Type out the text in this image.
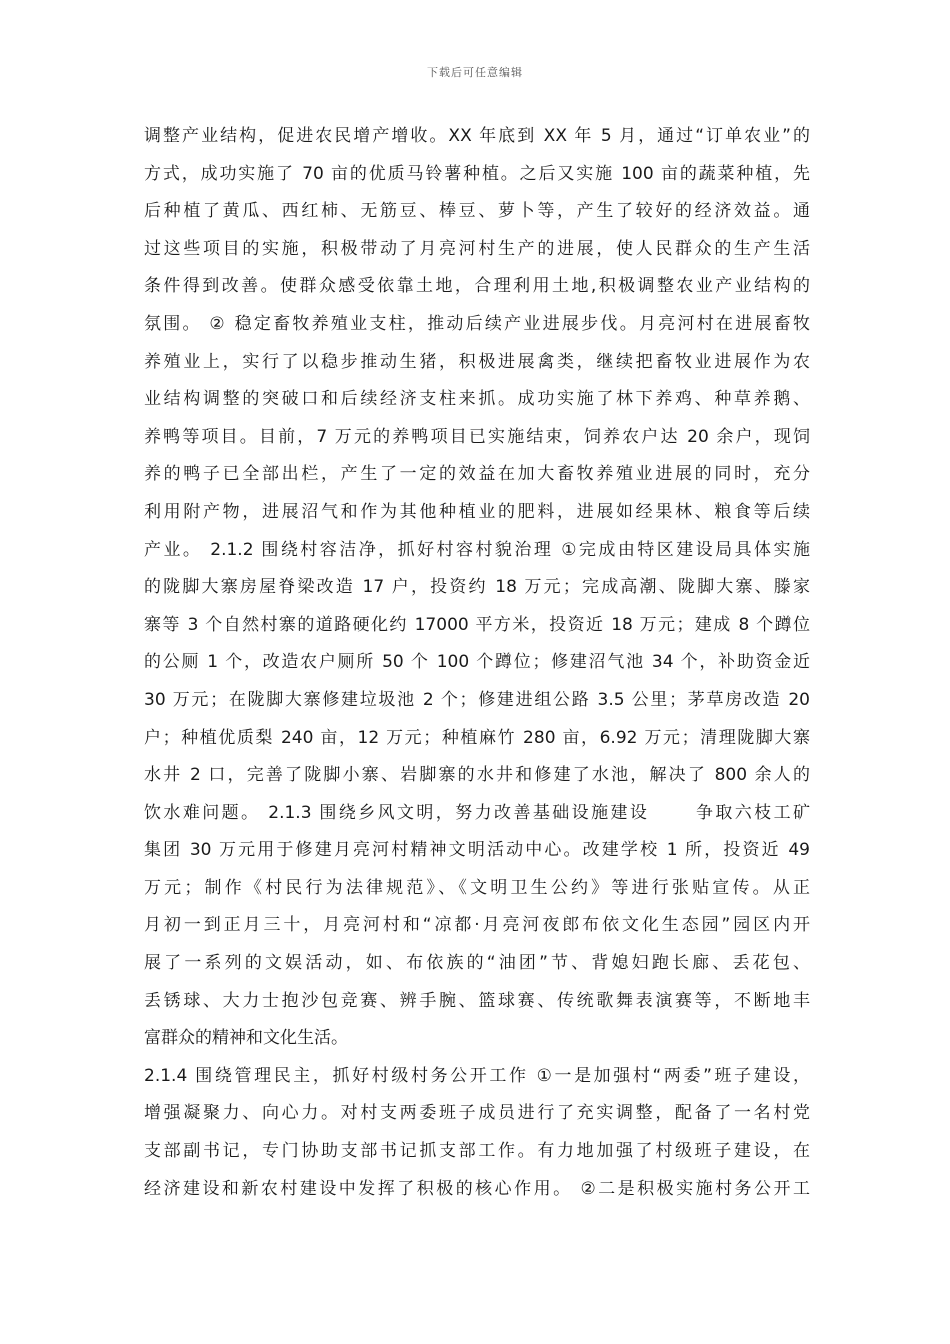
下载后可任意编辑

调整产业结构，促进农民增产增收。XX 年底到 XX 年 5 月，通过“订单农业”的
方式，成功实施了 70 亩的优质马铃薯种植。之后又实施 100 亩的蔬菜种植，先
后种植了黄瓜、西红柿、无筋豆、棒豆、萝卜等，产生了较好的经济效益。通
过这些项目的实施，积极带动了月亮河村生产的进展，使人民群众的生产生活
条件得到改善。使群众感受依靠土地，合理利用土地,积极调整农业产业结构的
氛围。 ② 稳定畜牧养殖业支柱，推动后续产业进展步伐。月亮河村在进展畜牧
养殖业上，实行了以稳步推动生猪，积极进展禽类，继续把畜牧业进展作为农
业结构调整的突破口和后续经济支柱来抓。成功实施了林下养鸡、种草养鹅、
养鸭等项目。目前，7 万元的养鸭项目已实施结束，饲养农户达 20 余户，现饲
养的鸭子已全部出栏，产生了一定的效益在加大畜牧养殖业进展的同时，充分
利用附产物，进展沼气和作为其他种植业的肥料，进展如经果林、粮食等后续
产业。 2.1.2 围绕村容洁净，抓好村容村貌治理 ①完成由特区建设局具体实施
的陇脚大寨房屋脊梁改造 17 户，投资约 18 万元；完成高潮、陇脚大寨、滕家
寨等 3 个自然村寨的道路硬化约 17000 平方米，投资近 18 万元；建成 8 个蹲位
的公厕 1 个，改造农户厕所 50 个 100 个蹲位；修建沼气池 34 个，补助资金近
30 万元；在陇脚大寨修建垃圾池 2 个；修建进组公路 3.5 公里；茅草房改造 20
户；种植优质梨 240 亩，12 万元；种植麻竹 280 亩，6.92 万元；清理陇脚大寨
水井 2 口，完善了陇脚小寨、岩脚寨的水井和修建了水池，解决了 800 余人的
饮水难问题。 2.1.3 围绕乡风文明，努力改善基础设施建设 　　争取六枝工矿
集团 30 万元用于修建月亮河村精神文明活动中心。改建学校 1 所，投资近 49
万元；制作《村民行为法律规范》、《文明卫生公约》等进行张贴宣传。从正
月初一到正月三十，月亮河村和“凉都·月亮河夜郎布依文化生态园”园区内开
展了一系列的文娱活动，如、布依族的“油团”节、背媳妇跑长廊、丢花包、
丢锈球、大力士抱沙包竞赛、辨手腕、篮球赛、传统歌舞表演赛等，不断地丰
富群众的精神和文化生活。

2.1.4 围绕管理民主，抓好村级村务公开工作 ①一是加强村“两委”班子建设，
增强凝聚力、向心力。对村支两委班子成员进行了充实调整，配备了一名村党
支部副书记，专门协助支部书记抓支部工作。有力地加强了村级班子建设，在
经济建设和新农村建设中发挥了积极的核心作用。 ②二是积极实施村务公开工
